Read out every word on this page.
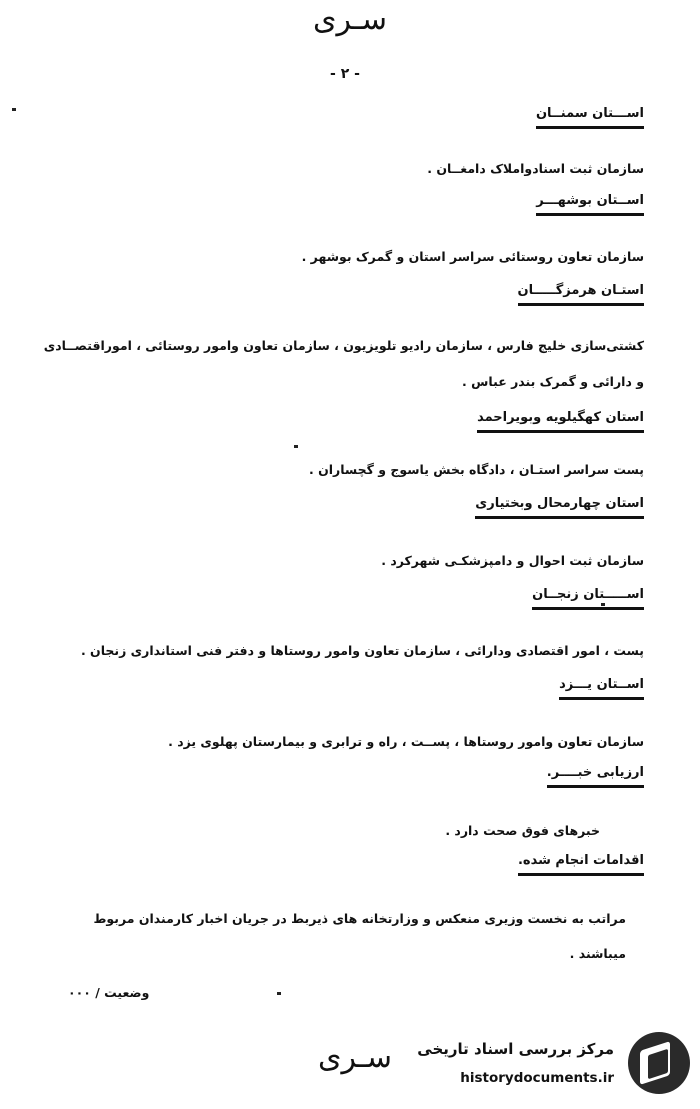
سـری
- ٢ -
اســـتان سمنــان
سازمان ثبت اسنادواملاک دامغــان .
اســتان بوشهـــر
سازمان تعاون روستائی سراسر استان و گمرک بوشهر .
استـان هرمزگـــــان
کشتی‌سازی خلیج فارس ، سازمان رادیو تلویزیون ، سازمان تعاون وامور روستائی ، اموراقتصــادی
و دارائی و گمرک بندر عباس .
استان کهگیلویه وبویراحمد
پست سراسر استـان ، دادگاه بخش یاسوج و گچساران .
استان چهارمحال وبختیاری
سازمان ثبت احوال و دامپزشکـی شهرکرد .
اســـــتان زنجــان
پست ، امور اقتصادی ودارائی ، سازمان تعاون وامور روستاها و دفتر فنی استانداری زنجان .
اســتان یـــزد
سازمان تعاون وامور روستاها ، پســت ، راه و ترابری و بیمارستان پهلوی یزد .
ارزیابی خبــــر.
خبرهای فوق صحت دارد .
اقدامات انجام شده.
مراتب به نخست وزیری منعکس و وزارتخانه های ذیربط در جریان اخبار کارمندان مربوط
میباشند .
وضعیت / ۰۰۰
سـری مرکز بررسی اسناد تاریخی
historydocuments.ir
